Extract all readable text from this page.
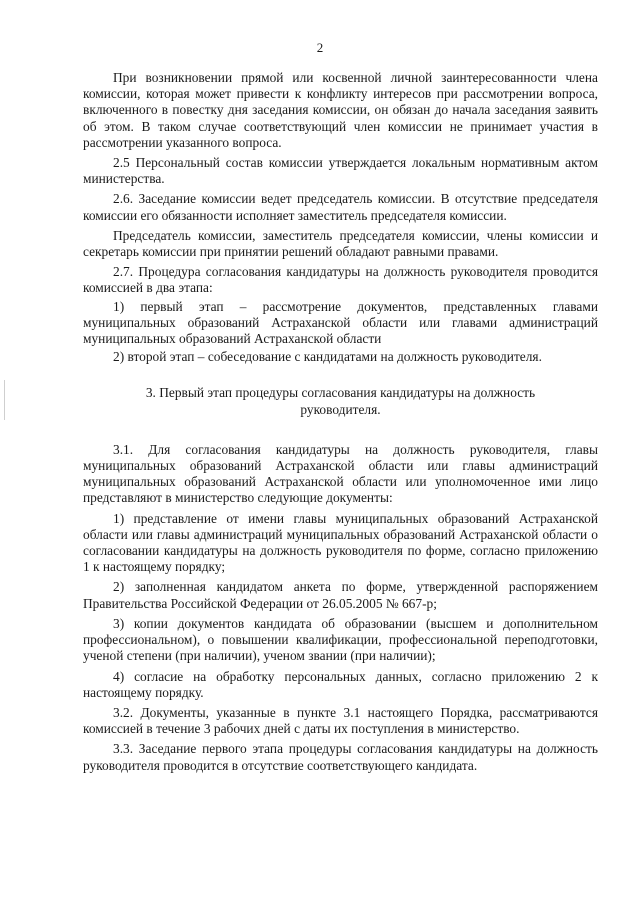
2

При возникновении прямой или косвенной личной заинтересованности члена комиссии, которая может привести к конфликту интересов при рассмотрении вопроса, включенного в повестку дня заседания комиссии, он обязан до начала заседания заявить об этом. В таком случае соответствующий член комиссии не принимает участия в рассмотрении указанного вопроса.

2.5 Персональный состав комиссии утверждается локальным нормативным актом министерства.

2.6. Заседание комиссии ведет председатель комиссии. В отсутствие председателя комиссии его обязанности исполняет заместитель председателя комиссии.

Председатель комиссии, заместитель председателя комиссии, члены комиссии и секретарь комиссии при принятии решений обладают равными правами.

2.7. Процедура согласования кандидатуры на должность руководителя проводится комиссией в два этапа:

1) первый этап – рассмотрение документов, представленных главами муниципальных образований Астраханской области или главами администраций муниципальных образований Астраханской области

2) второй этап – собеседование с кандидатами на должность руководителя.

3. Первый этап процедуры согласования кандидатуры на должность руководителя.

3.1. Для согласования кандидатуры на должность руководителя, главы муниципальных образований Астраханской области или главы администраций муниципальных образований Астраханской области или уполномоченное ими лицо представляют в министерство следующие документы:

1) представление от имени главы муниципальных образований Астраханской области или главы администраций муниципальных образований Астраханской области о согласовании кандидатуры на должность руководителя по форме, согласно приложению 1 к настоящему порядку;

2) заполненная кандидатом анкета по форме, утвержденной распоряжением Правительства Российской Федерации от 26.05.2005 № 667-р;

3) копии документов кандидата об образовании (высшем и дополнительном профессиональном), о повышении квалификации, профессиональной переподготовки, ученой степени (при наличии), ученом звании (при наличии);

4) согласие на обработку персональных данных, согласно приложению 2 к настоящему порядку.

3.2. Документы, указанные в пункте 3.1 настоящего Порядка, рассматриваются комиссией в течение 3 рабочих дней с даты их поступления в министерство.

3.3. Заседание первого этапа процедуры согласования кандидатуры на должность руководителя проводится в отсутствие соответствующего кандидата.
